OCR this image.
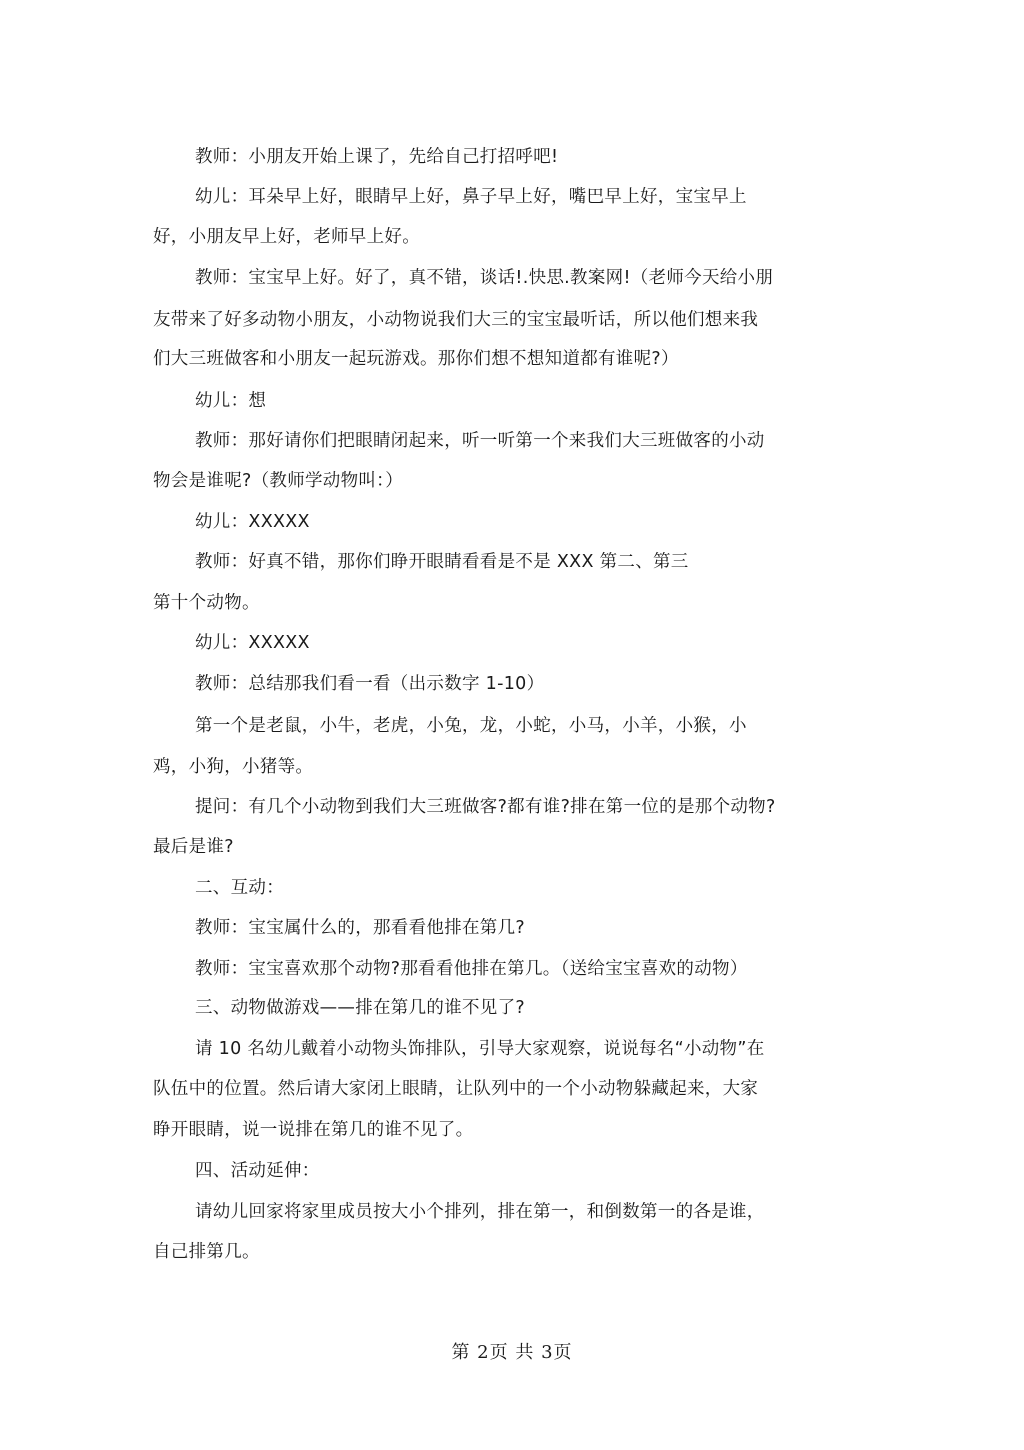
教师：小朋友开始上课了，先给自己打招呼吧!
幼儿：耳朵早上好，眼睛早上好，鼻子早上好，嘴巴早上好，宝宝早上
好，小朋友早上好，老师早上好。
教师：宝宝早上好。好了，真不错，谈话!.快思.教案网!（老师今天给小朋
友带来了好多动物小朋友，小动物说我们大三的宝宝最听话，所以他们想来我
们大三班做客和小朋友一起玩游戏。那你们想不想知道都有谁呢?）
幼儿：想
教师：那好请你们把眼睛闭起来，听一听第一个来我们大三班做客的小动
物会是谁呢?（教师学动物叫：）
幼儿：XXXXX
教师：好真不错，那你们睁开眼睛看看是不是 XXX 第二、第三
第十个动物。
幼儿：XXXXX
教师：总结那我们看一看（出示数字 1-10）
第一个是老鼠，小牛，老虎，小兔，龙，小蛇，小马，小羊，小猴，小
鸡，小狗，小猪等。
提问：有几个小动物到我们大三班做客?都有谁?排在第一位的是那个动物?
最后是谁?
二、互动：
教师：宝宝属什么的，那看看他排在第几?
教师：宝宝喜欢那个动物?那看看他排在第几。（送给宝宝喜欢的动物）
三、动物做游戏——排在第几的谁不见了?
请 10 名幼儿戴着小动物头饰排队，引导大家观察，说说每名“小动物”在
队伍中的位置。然后请大家闭上眼睛，让队列中的一个小动物躲藏起来，大家
睁开眼睛，说一说排在第几的谁不见了。
四、活动延伸：
请幼儿回家将家里成员按大小个排列，排在第一，和倒数第一的各是谁，
自己排第几。
第 2页 共 3页
